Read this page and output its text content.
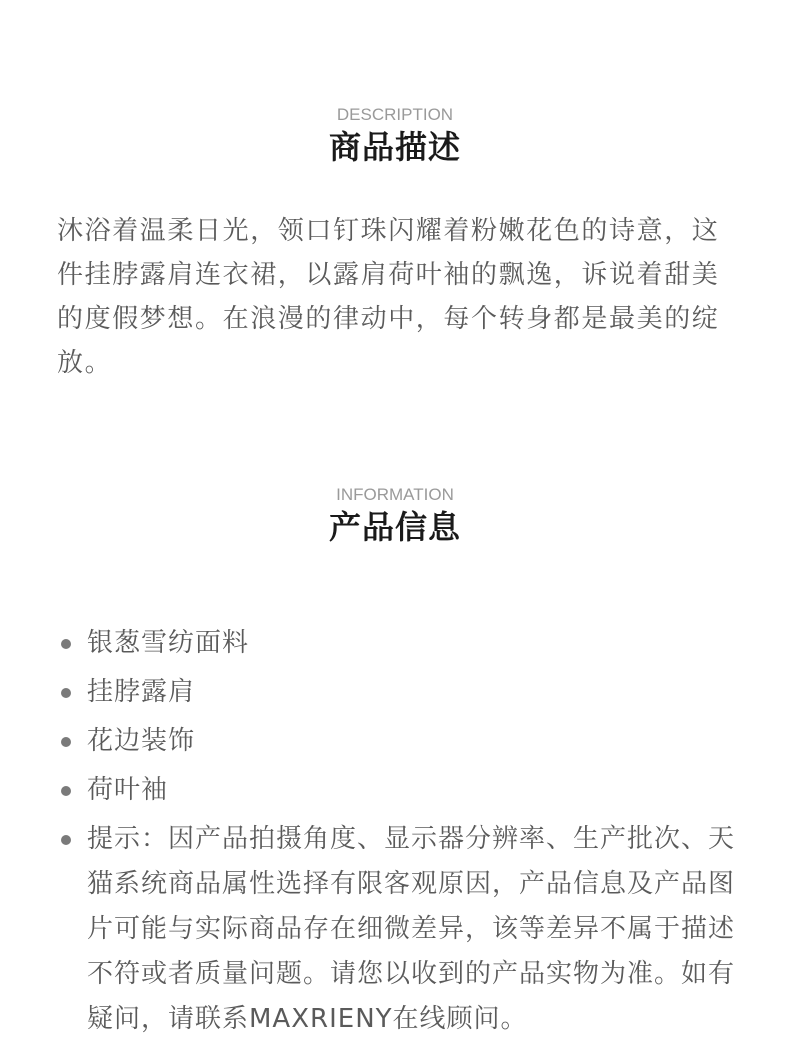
DESCRIPTION
商品描述

沐浴着温柔日光，领口钉珠闪耀着粉嫩花色的诗意，这件挂脖露肩连衣裙，以露肩荷叶袖的飘逸，诉说着甜美的度假梦想。在浪漫的律动中，每个转身都是最美的绽放。

INFORMATION
产品信息
银葱雪纺面料
挂脖露肩
花边装饰
荷叶袖
提示：因产品拍摄角度、显示器分辨率、生产批次、天猫系统商品属性选择有限客观原因，产品信息及产品图片可能与实际商品存在细微差异，该等差异不属于描述不符或者质量问题。请您以收到的产品实物为准。如有疑问，请联系MAXRIENY在线顾问。
